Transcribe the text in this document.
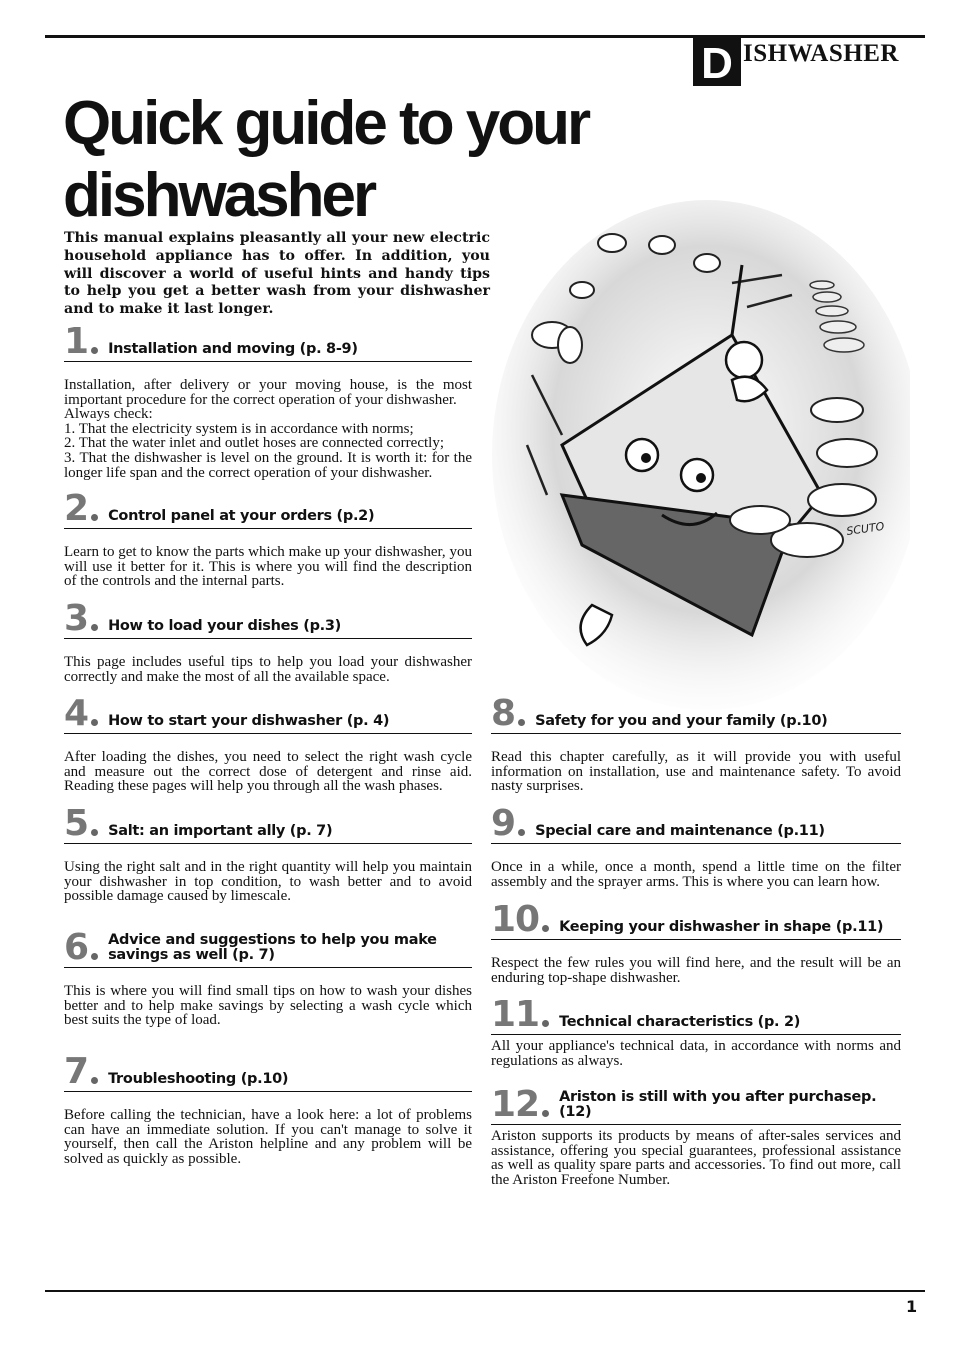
D ISHWASHER
Quick guide to your dishwasher

This manual explains pleasantly all your new electric household appliance has to offer. In addition, you will discover a world of useful hints and handy tips to help you get a better wash from your dishwasher and to make it last longer.

SCUTO
1 Installation and moving (p. 8-9)
Installation, after delivery or your moving house, is the most important procedure for the correct operation of your dishwasher.
Always check:
1. That the electricity system is in accordance with norms;
2. That the water inlet and outlet hoses are connected correctly;
3. That the dishwasher is level on the ground. It is worth it: for the longer life span and the correct operation of your dishwasher.
2 Control panel at your orders (p.2)

Learn to get to know the parts which make up your dishwasher, you will use it better for it. This is where you will find the description of the controls and the internal parts.

3 How to load your dishes (p.3)

This page includes useful tips to help you load your dishwasher correctly and make the most of all the available space.

4 How to start your dishwasher (p. 4)

After loading the dishes, you need to select the right wash cycle and measure out the correct dose of detergent and rinse aid. Reading these pages will help you through all the wash phases.

5 Salt: an important ally (p. 7)

Using the right salt and in the right quantity will help you maintain your dishwasher in top condition, to wash better and to avoid possible damage caused by limescale.

6 Advice and suggestions to help you make savings as well (p. 7)

This is where you will find small tips on how to wash your dishes better and to help make savings by selecting a wash cycle which best suits the type of load.

7 Troubleshooting (p.10)

Before calling the technician, have a look here: a lot of problems can have an immediate solution. If you can't manage to solve it yourself, then call the Ariston helpline and any problem will be solved as quickly as possible.

8 Safety for you and your family (p.10)

Read this chapter carefully, as it will provide you with useful information on installation, use and maintenance safety. To avoid nasty surprises.

9 Special care and maintenance (p.11)

Once in a while, once a month, spend a little time on the filter assembly and the sprayer arms. This is where you can learn how.

10 Keeping your dishwasher in shape (p.11)

Respect the few rules you will find here, and the result will be an enduring top-shape dishwasher.

11 Technical characteristics (p. 2)

All your appliance's technical data, in accordance with norms and regulations as always.

12 Ariston is still with you after purchasep.(12)

Ariston supports its products by means of after-sales services and assistance, offering you special guarantees, professional assistance as well as quality spare parts and accessories. To find out more, call the Ariston Freefone Number.

1
